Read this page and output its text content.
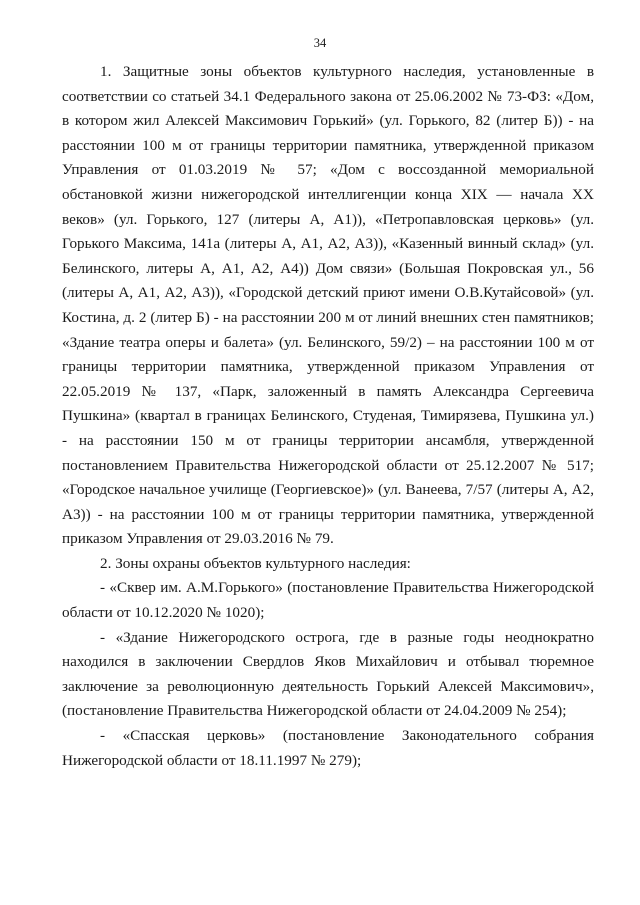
34

1. Защитные зоны объектов культурного наследия, установленные в соответствии со статьей 34.1 Федерального закона от 25.06.2002 № 73-ФЗ: «Дом, в котором жил Алексей Максимович Горький» (ул. Горького, 82 (литер Б)) - на расстоянии 100 м от границы территории памятника, утвержденной приказом Управления от 01.03.2019 № 57; «Дом с воссозданной мемориальной обстановкой жизни нижегородской интеллигенции конца XIX — начала XX веков» (ул. Горького, 127 (литеры А, А1)), «Петропавловская церковь» (ул. Горького Максима, 141а (литеры А, А1, А2, А3)), «Казенный винный склад» (ул. Белинского, литеры А, А1, А2, А4)) Дом связи» (Большая Покровская ул., 56 (литеры А, А1, А2, А3)), «Городской детский приют имени О.В.Кутайсовой» (ул. Костина, д. 2 (литер Б) - на расстоянии 200 м от линий внешних стен памятников; «Здание театра оперы и балета» (ул. Белинского, 59/2) – на расстоянии 100 м от границы территории памятника, утвержденной приказом Управления от 22.05.2019 № 137, «Парк, заложенный в память Александра Сергеевича Пушкина» (квартал в границах Белинского, Студеная, Тимирязева, Пушкина ул.) - на расстоянии 150 м от границы территории ансамбля, утвержденной постановлением Правительства Нижегородской области от 25.12.2007 № 517; «Городское начальное училище (Георгиевское)» (ул. Ванеева, 7/57 (литеры А, А2, А3)) - на расстоянии 100 м от границы территории памятника, утвержденной приказом Управления от 29.03.2016 № 79.

2. Зоны охраны объектов культурного наследия:

- «Сквер им. А.М.Горького» (постановление Правительства Нижегородской области от 10.12.2020 № 1020);

- «Здание Нижегородского острога, где в разные годы неоднократно находился в заключении Свердлов Яков Михайлович и отбывал тюремное заключение за революционную деятельность Горький Алексей Максимович», (постановление Правительства Нижегородской области от 24.04.2009 № 254);

- «Спасская церковь» (постановление Законодательного собрания Нижегородской области от 18.11.1997 № 279);
